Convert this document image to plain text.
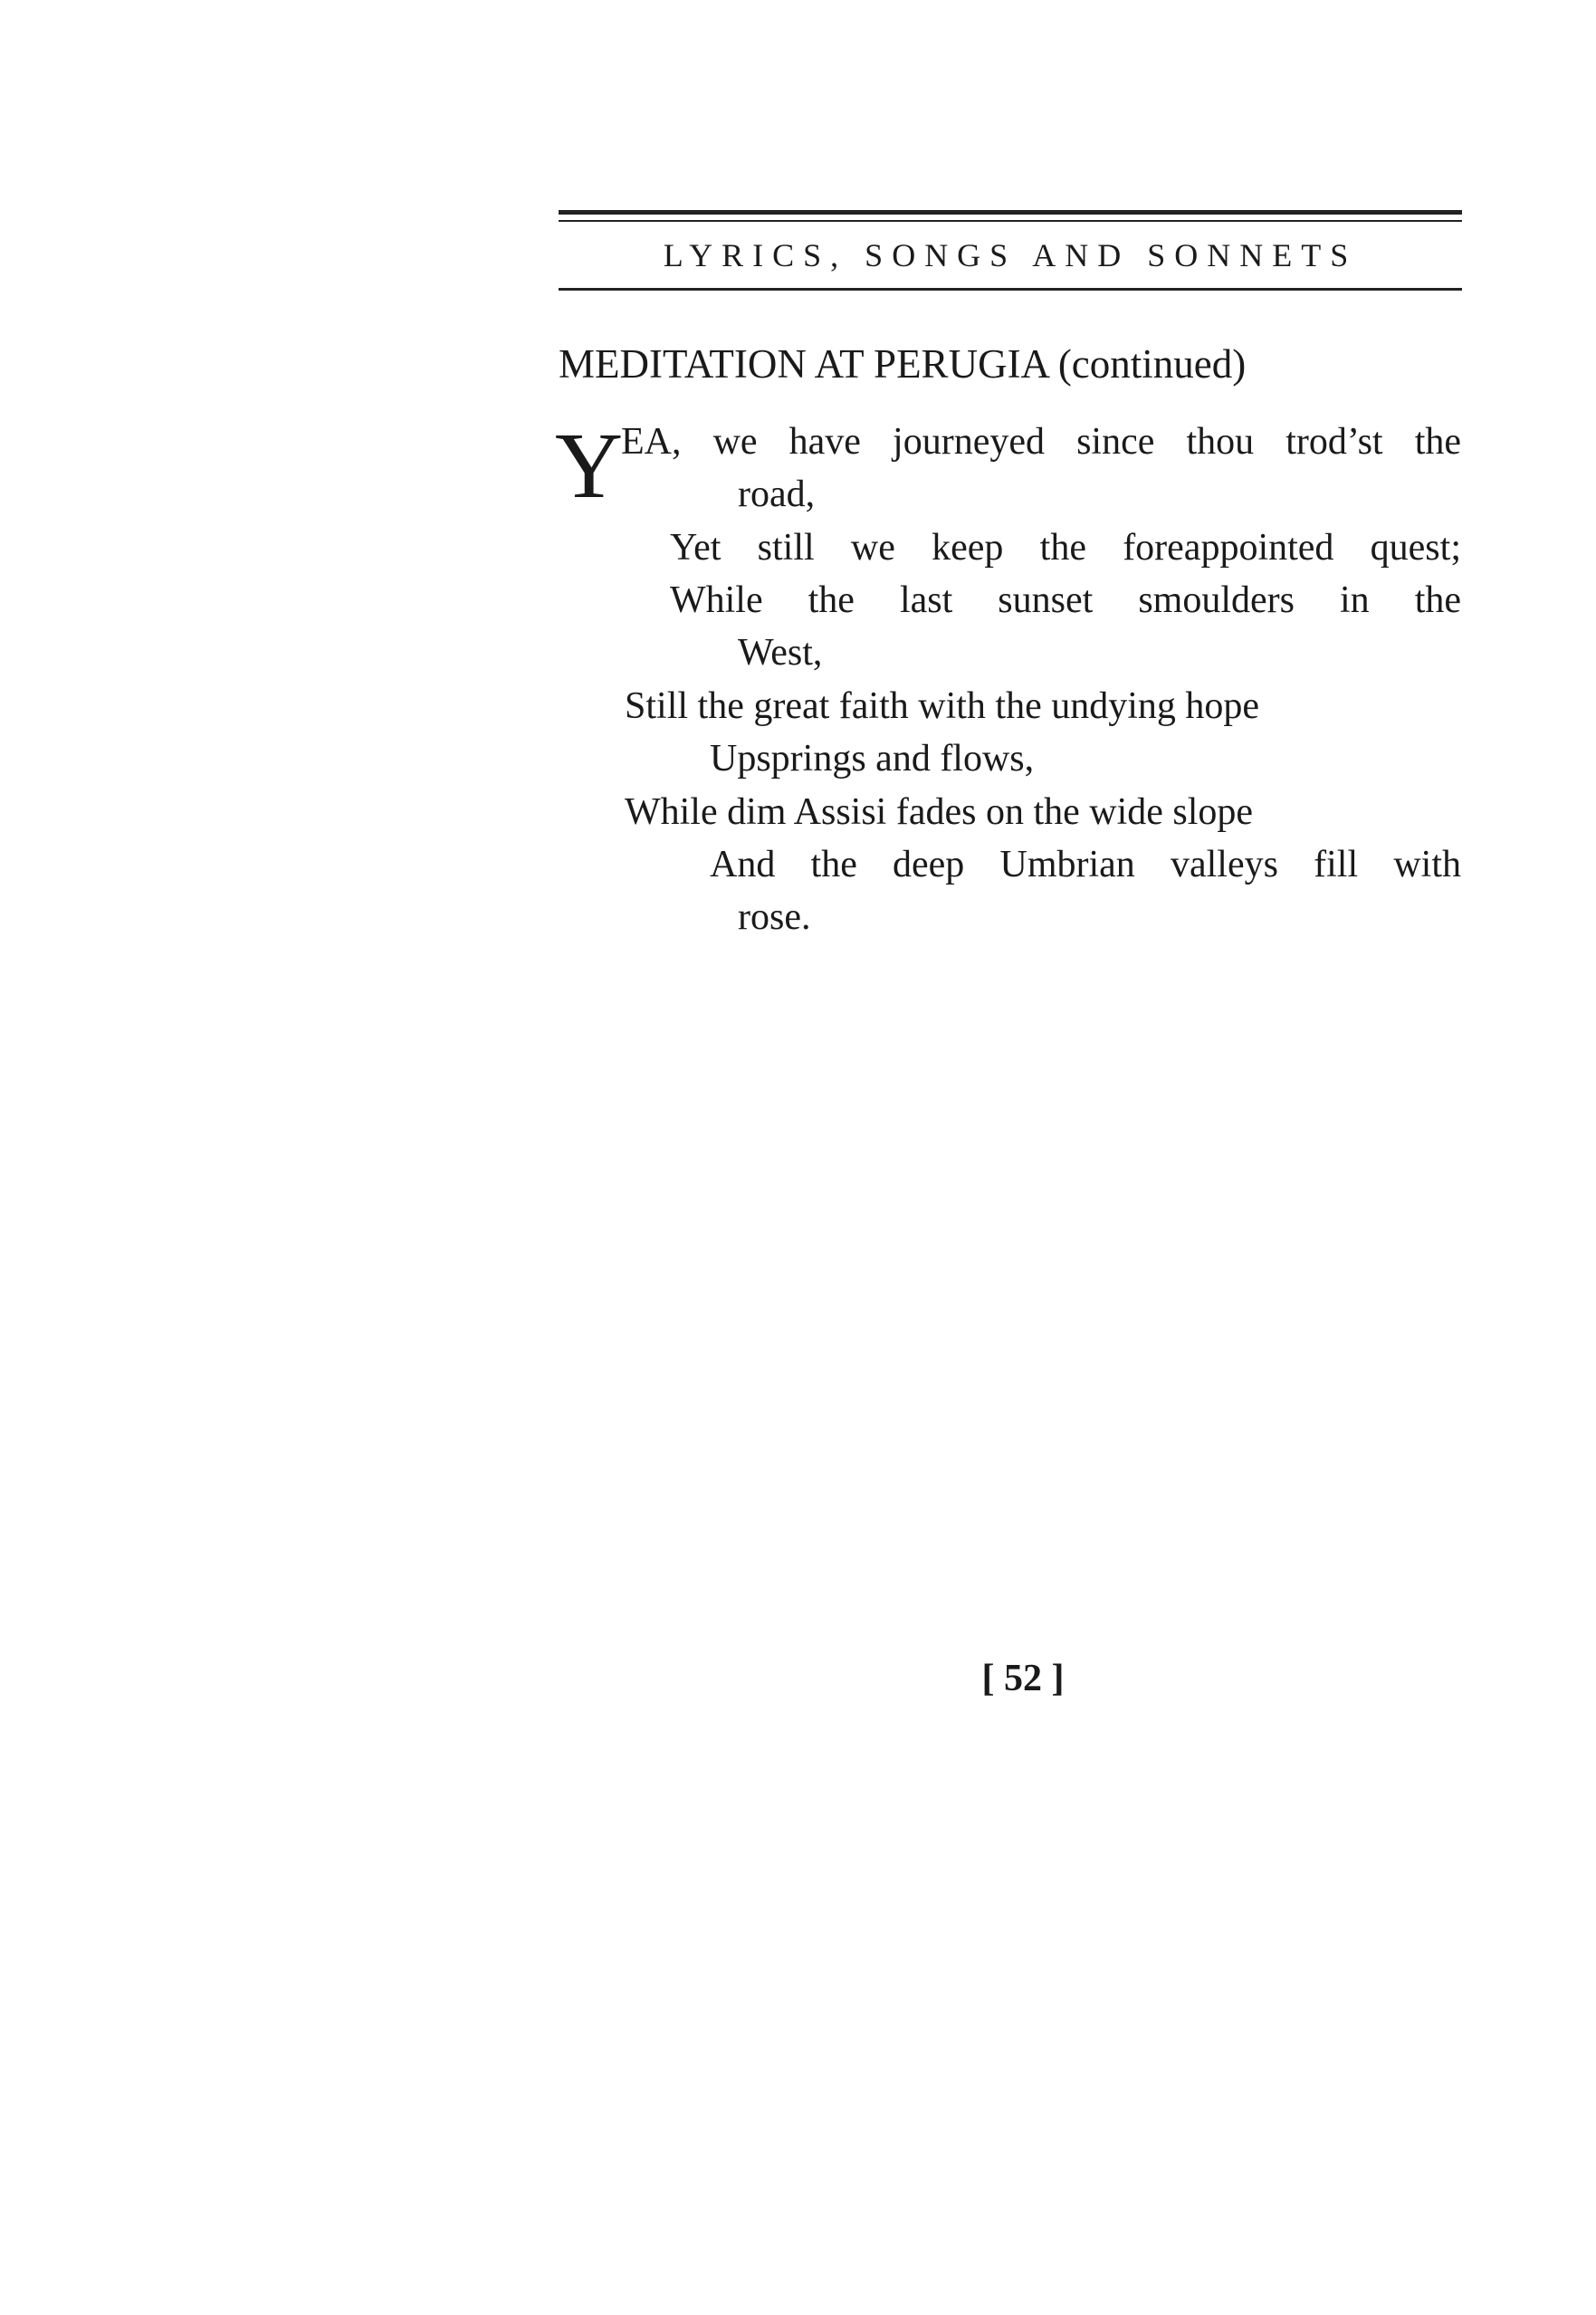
LYRICS, SONGS AND SONNETS
MEDITATION AT PERUGIA (continued)
Y
EA, we have journeyed since thou trod’st the
road,
Yet still we keep the foreappointed quest;
While the last sunset smoulders in the
West,
Still the great faith with the undying hope
Upsprings and flows,
While dim Assisi fades on the wide slope
And the deep Umbrian valleys fill with
rose.
[ 52 ]
